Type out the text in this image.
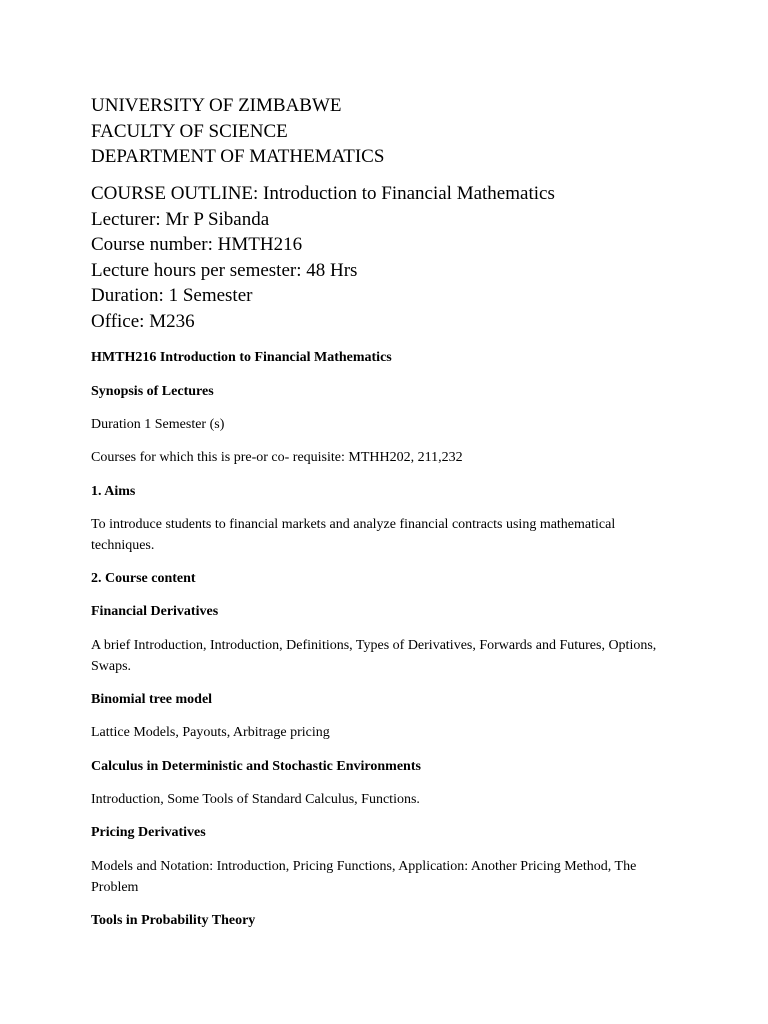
UNIVERSITY OF ZIMBABWE
FACULTY OF SCIENCE
DEPARTMENT OF MATHEMATICS
COURSE OUTLINE: Introduction to Financial Mathematics
Lecturer: Mr P Sibanda
Course number: HMTH216
Lecture hours per semester: 48 Hrs
Duration: 1 Semester
Office: M236
HMTH216 Introduction to Financial Mathematics
Synopsis of Lectures
Duration 1 Semester (s)
Courses for which this is pre-or co- requisite: MTHH202, 211,232
1. Aims
To introduce students to financial markets and analyze financial contracts using mathematical techniques.
2. Course content
Financial Derivatives
A brief Introduction, Introduction, Definitions, Types of Derivatives, Forwards and Futures, Options, Swaps.
Binomial tree model
Lattice Models, Payouts, Arbitrage pricing
Calculus in Deterministic and Stochastic Environments
Introduction, Some Tools of Standard Calculus, Functions.
Pricing Derivatives
Models and Notation: Introduction, Pricing Functions, Application: Another Pricing Method, The Problem
Tools in Probability Theory
